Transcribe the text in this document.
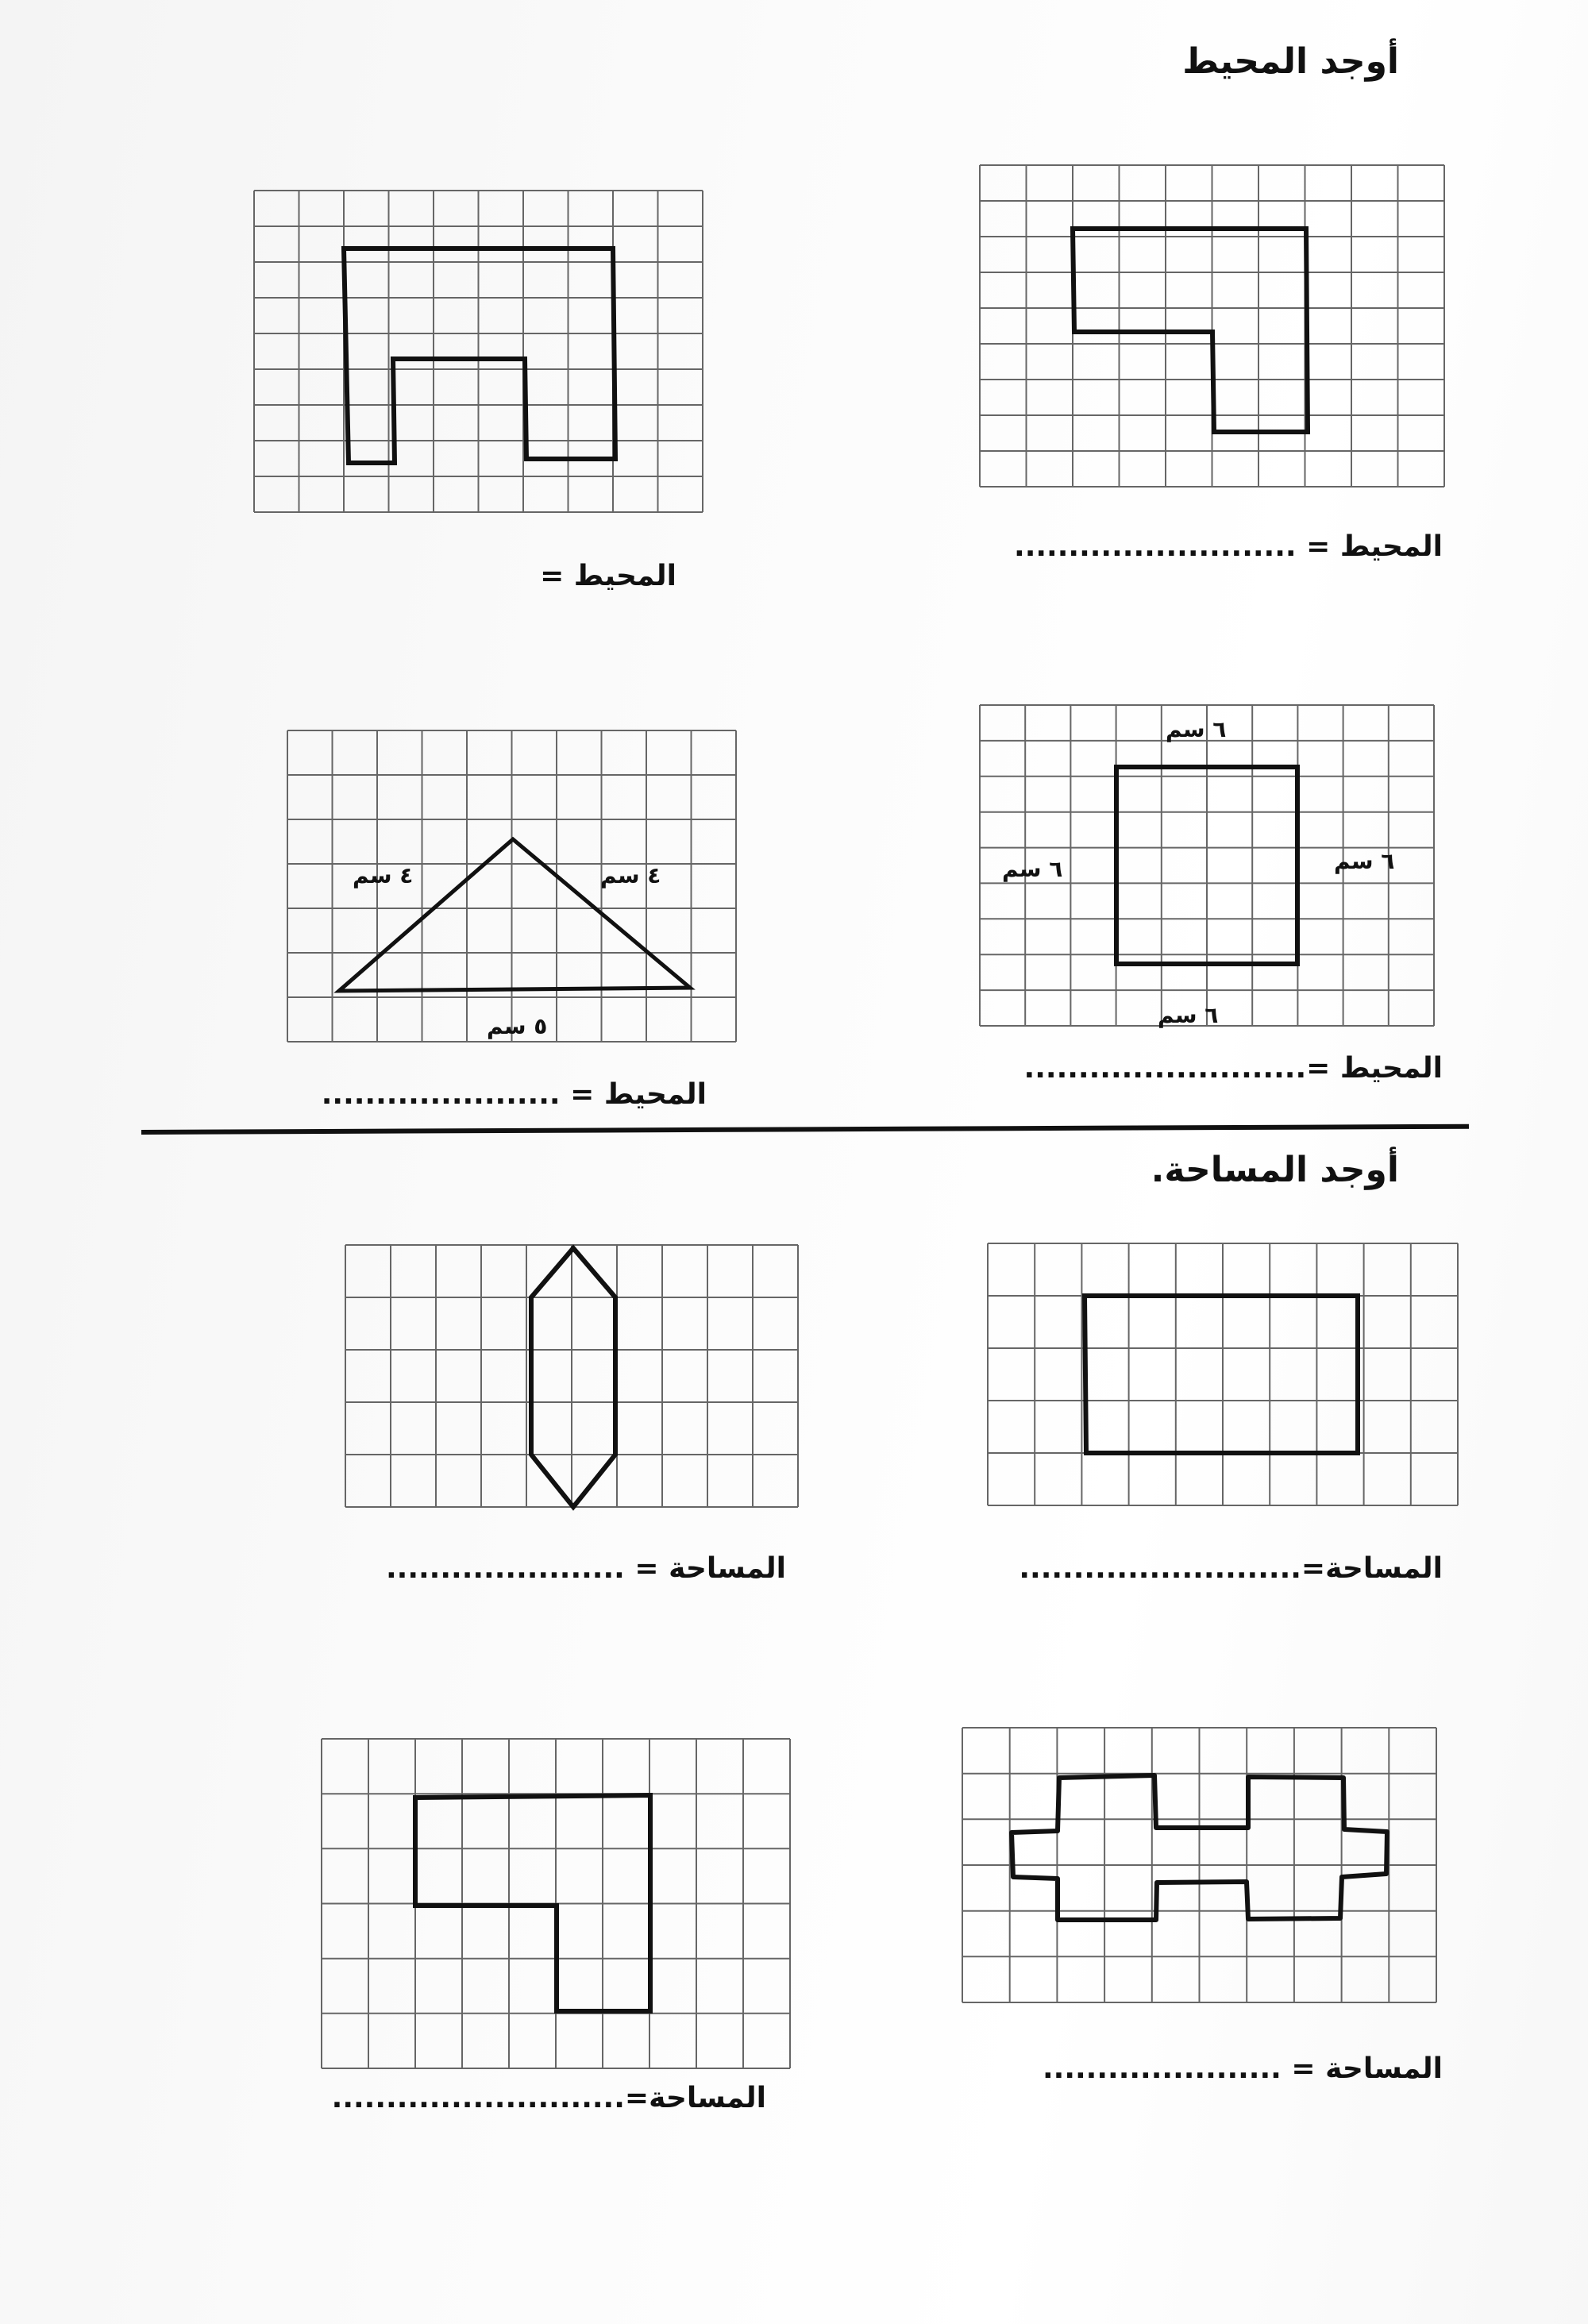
أوجد المحيط
المحيط = ..........................
المحيط =
٦ سم
٦ سم	٦ سم
٦ سم
المحيط =..........................
٤ سم	٤ سم
٥ سم
المحيط = ......................
أوجد المساحة.
المساحة=..........................
المساحة = ......................
المساحة = ......................
المساحة=...........................
